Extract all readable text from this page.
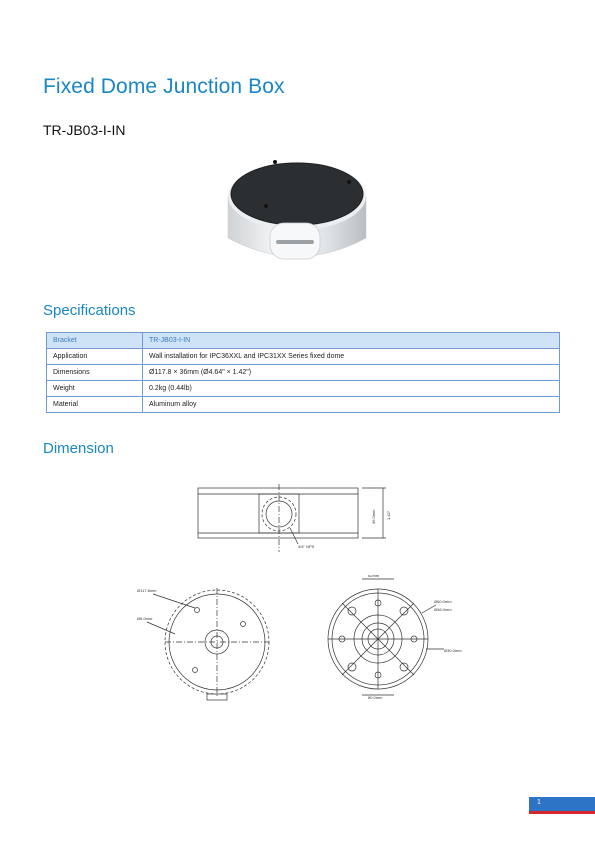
Fixed Dome Junction Box
TR-JB03-I-IN
Specifications
Bracket	TR-JB03-I-IN
Application	Wall installation for IPC36XXL and IPC31XX Series fixed dome
Dimensions	Ø117.8 × 36mm (Ø4.64" × 1.42")
Weight	0.2kg (0.44lb)
Material	Aluminum alloy
Dimension
3/4" NPS
36.0mm	1.42"
Ø117.8mm
Ø6.0mm
Ø60.0mm
Ø46.0mm
Ø30.0mm
62mm
80.0mm
1
